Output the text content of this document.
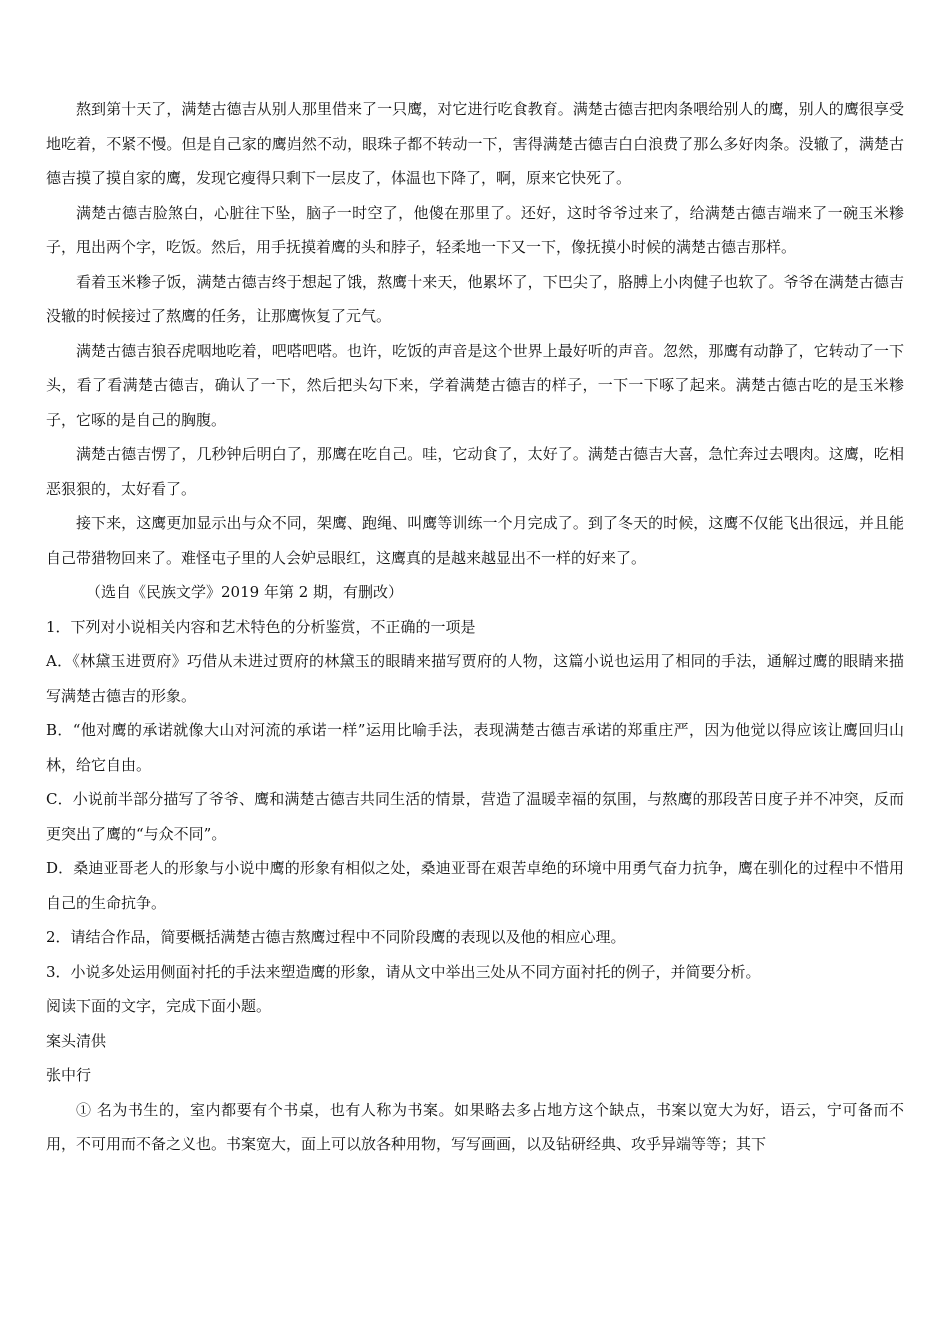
熬到第十天了，满楚古德吉从别人那里借来了一只鹰，对它进行吃食教育。满楚古德吉把肉条喂给别人的鹰，别人的鹰很享受地吃着，不紧不慢。但是自己家的鹰岿然不动，眼珠子都不转动一下，害得满楚古德吉白白浪费了那么多好肉条。没辙了，满楚古德吉摸了摸自家的鹰，发现它瘦得只剩下一层皮了，体温也下降了，啊，原来它快死了。

满楚古德吉脸煞白，心脏往下坠，脑子一时空了，他傻在那里了。还好，这时爷爷过来了，给满楚古德吉端来了一碗玉米糁子，甩出两个字，吃饭。然后，用手抚摸着鹰的头和脖子，轻柔地一下又一下，像抚摸小时候的满楚古德吉那样。

看着玉米糁子饭，满楚古德吉终于想起了饿，熬鹰十来天，他累坏了，下巴尖了，胳膊上小肉健子也软了。爷爷在满楚古德吉没辙的时候接过了熬鹰的任务，让那鹰恢复了元气。

满楚古德吉狼吞虎咽地吃着，吧嗒吧嗒。也许，吃饭的声音是这个世界上最好听的声音。忽然，那鹰有动静了，它转动了一下头，看了看满楚古德吉，确认了一下，然后把头勾下来，学着满楚古德吉的样子，一下一下啄了起来。满楚古德古吃的是玉米糁子，它啄的是自己的胸腹。

满楚古德吉愣了，几秒钟后明白了，那鹰在吃自己。哇，它动食了，太好了。满楚古德吉大喜，急忙奔过去喂肉。这鹰，吃相恶狠狠的，太好看了。

接下来，这鹰更加显示出与众不同，架鹰、跑绳、叫鹰等训练一个月完成了。到了冬天的时候，这鹰不仅能飞出很远，并且能自己带猎物回来了。难怪屯子里的人会妒忌眼红，这鹰真的是越来越显出不一样的好来了。

（选自《民族文学》2019 年第 2 期，有删改）

1．下列对小说相关内容和艺术特色的分析鉴赏，不正确的一项是

A．《林黛玉进贾府》巧借从未进过贾府的林黛玉的眼睛来描写贾府的人物，这篇小说也运用了相同的手法，通解过鹰的眼睛来描写满楚古德吉的形象。

B．“他对鹰的承诺就像大山对河流的承诺一样”运用比喻手法，表现满楚古德吉承诺的郑重庄严，因为他觉以得应该让鹰回归山林，给它自由。

C．小说前半部分描写了爷爷、鹰和满楚古德吉共同生活的情景，营造了温暖幸福的氛围，与熬鹰的那段苦日度子并不冲突，反而更突出了鹰的“与众不同”。

D．桑迪亚哥老人的形象与小说中鹰的形象有相似之处，桑迪亚哥在艰苦卓绝的环境中用勇气奋力抗争，鹰在驯化的过程中不惜用自己的生命抗争。

2．请结合作品，简要概括满楚古德吉熬鹰过程中不同阶段鹰的表现以及他的相应心理。

3．小说多处运用侧面衬托的手法来塑造鹰的形象，请从文中举出三处从不同方面衬托的例子，并简要分析。

阅读下面的文字，完成下面小题。

案头清供

张中行

① 名为书生的，室内都要有个书桌，也有人称为书案。如果略去多占地方这个缺点，书案以宽大为好，语云，宁可备而不用，不可用而不备之义也。书案宽大，面上可以放各种用物，写写画画，以及钻研经典、攻乎异端等等；其下
